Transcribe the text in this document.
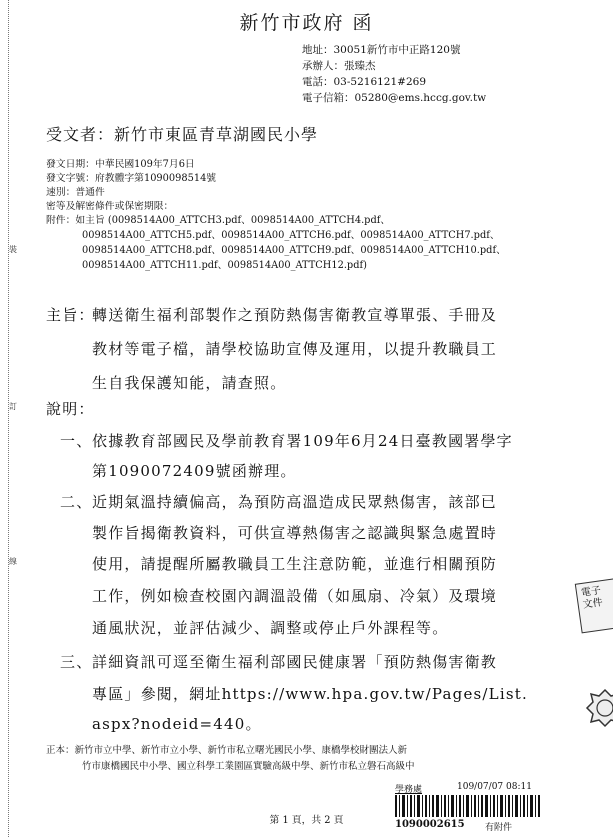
裝
訂
線
新竹市政府 函
地址：30051新竹市中正路120號
承辦人：張臻杰
電話：03-5216121#269
電子信箱：05280@ems.hccg.gov.tw
受文者：新竹市東區青草湖國民小學
發文日期：中華民國109年7月6日
發文字號：府教體字第1090098514號
速別：普通件
密等及解密條件或保密期限：
附件：如主旨 (0098514A00_ATTCH3.pdf、0098514A00_ATTCH4.pdf、
0098514A00_ATTCH5.pdf、0098514A00_ATTCH6.pdf、0098514A00_ATTCH7.pdf、
0098514A00_ATTCH8.pdf、0098514A00_ATTCH9.pdf、0098514A00_ATTCH10.pdf、
0098514A00_ATTCH11.pdf、0098514A00_ATTCH12.pdf)
主旨：
轉送衛生福利部製作之預防熱傷害衛教宣導單張、手冊及
教材等電子檔，請學校協助宣傳及運用，以提升教職員工
生自我保護知能，請查照。
說明：
一、 依據教育部國民及學前教育署109年6月24日臺教國署學字
第1090072409號函辦理。
二、 近期氣溫持續偏高，為預防高溫造成民眾熱傷害，該部已
製作旨揭衛教資料，可供宣導熱傷害之認識與緊急處置時
使用，請提醒所屬教職員工生注意防範，並進行相關預防
工作，例如檢查校園內調溫設備（如風扇、冷氣）及環境
通風狀況，並評估減少、調整或停止戶外課程等。
三、 詳細資訊可逕至衛生福利部國民健康署「預防熱傷害衛教
專區」參閱，網址https://www.hpa.gov.tw/Pages/List.
aspx?nodeid=440。
正本：新竹市立中學、新竹市立小學、新竹市私立曙光國民小學、康橋學校財團法人新
竹市康橋國民中小學、國立科學工業園區實驗高級中學、新竹市私立磐石高級中
電子文件
學務處	109/07/07 08:11
1090002615 有附件
第 1 頁，共 2 頁
